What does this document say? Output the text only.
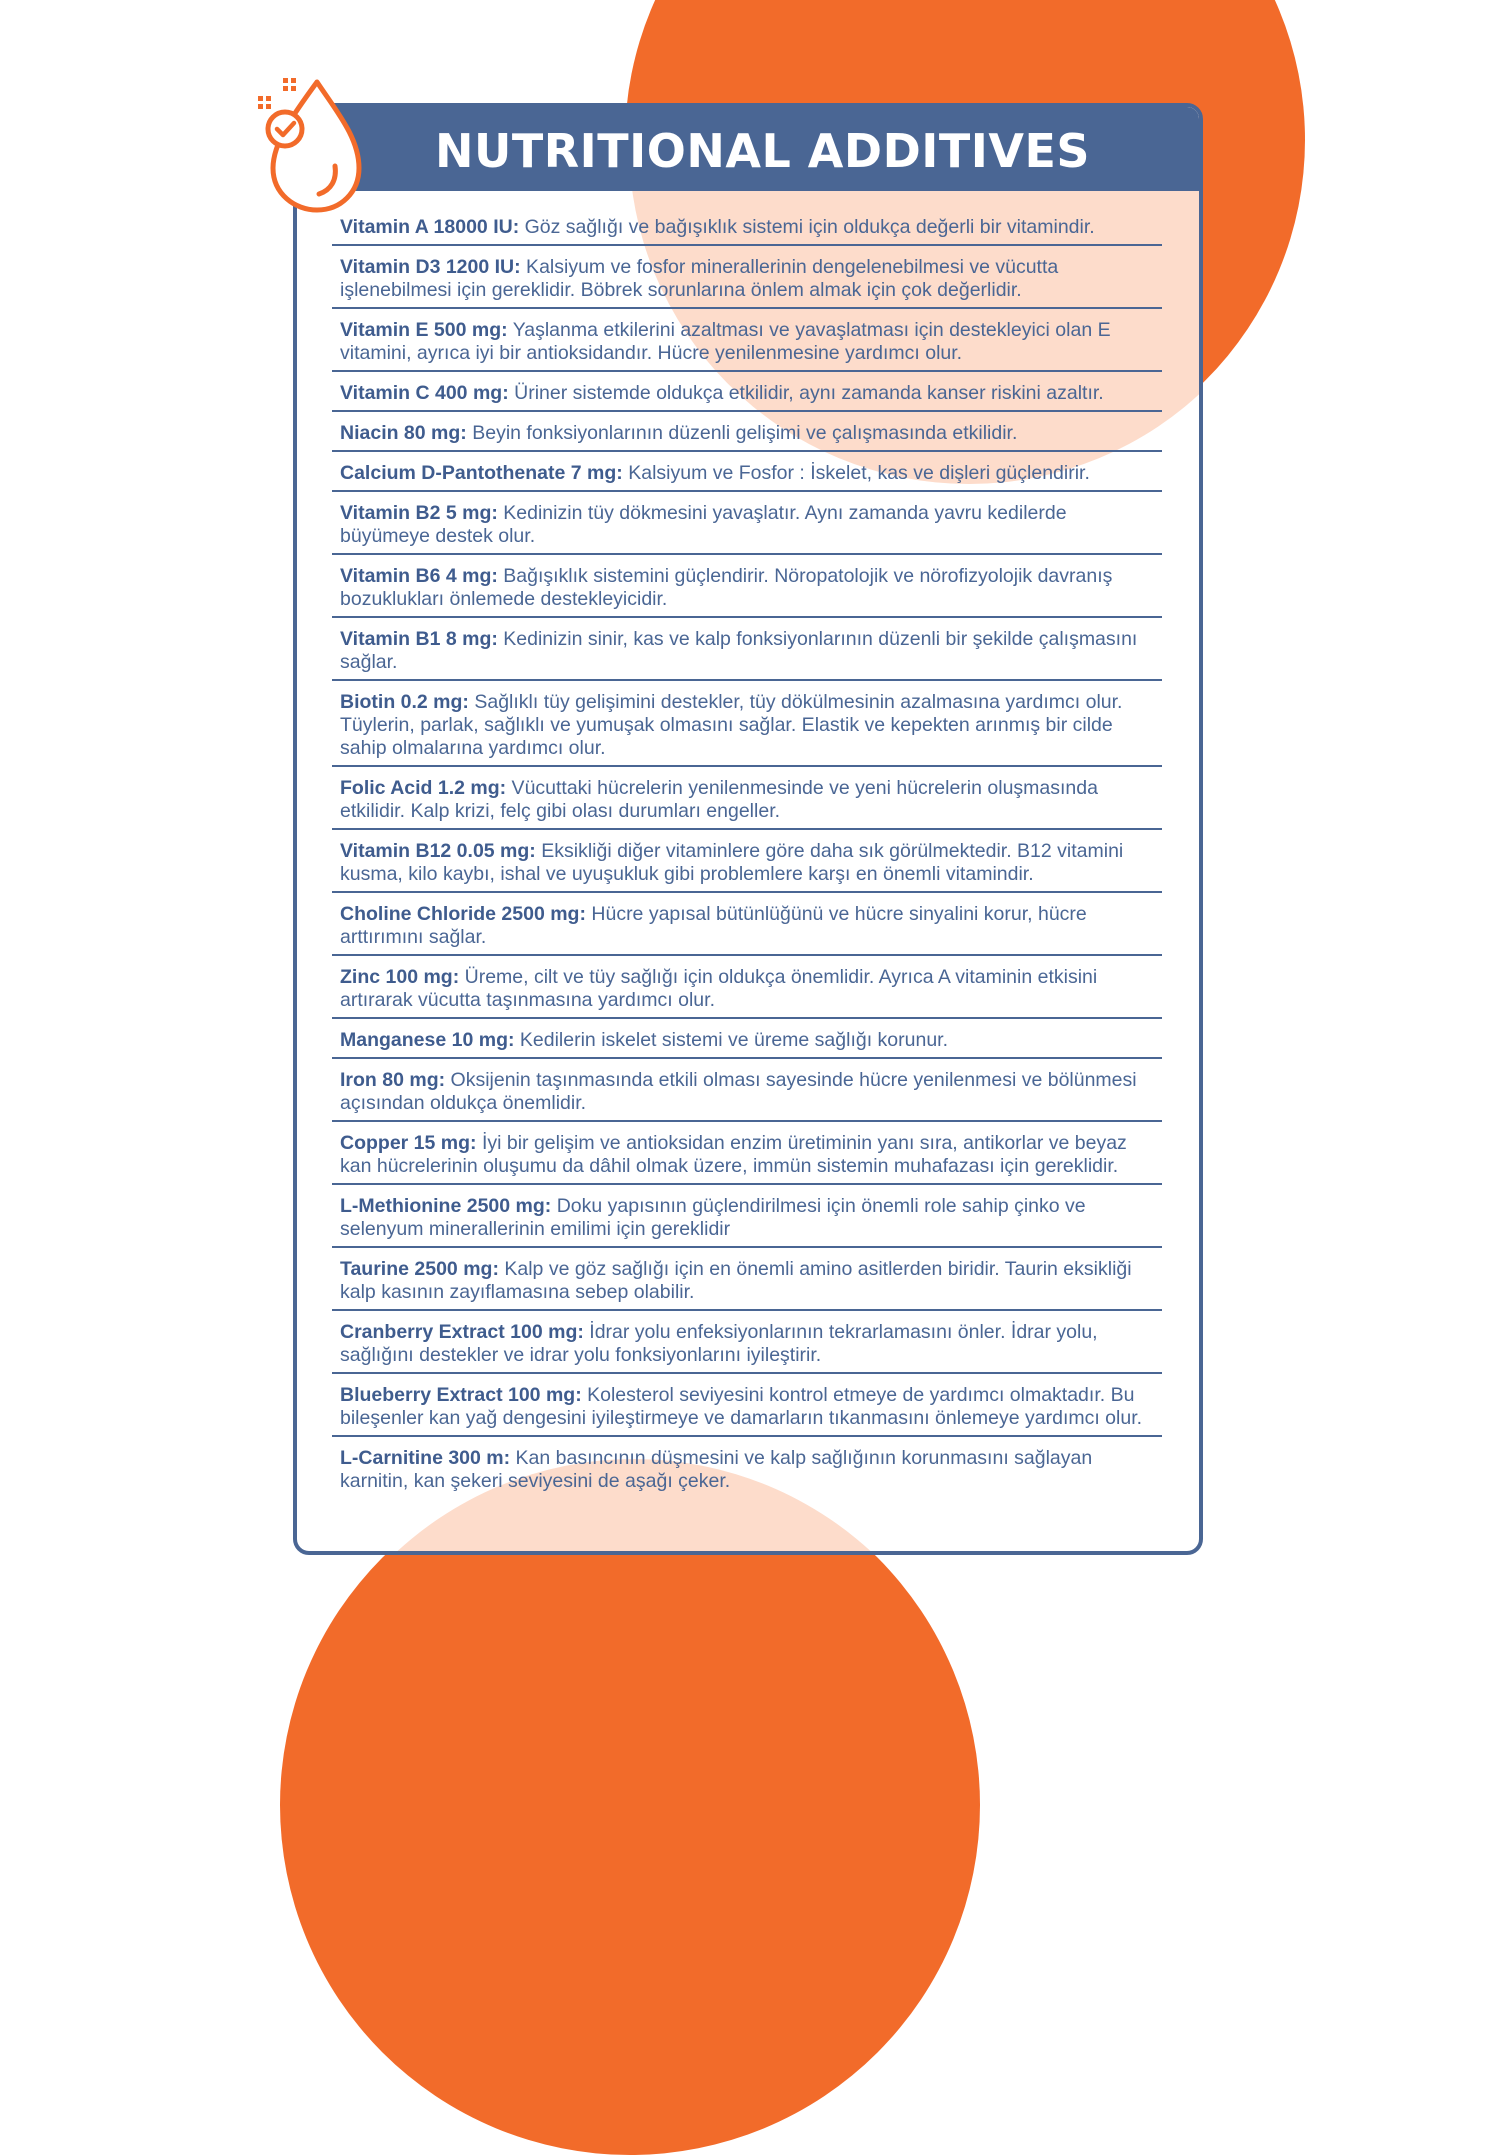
NUTRITIONAL ADDITIVES
Vitamin A 18000 IU: Göz sağlığı ve bağışıklık sistemi için oldukça değerli bir vitamindir.
Vitamin D3 1200 IU: Kalsiyum ve fosfor minerallerinin dengelenebilmesi ve vücutta işlenebilmesi için gereklidir. Böbrek sorunlarına önlem almak için çok değerlidir.
Vitamin E 500 mg: Yaşlanma etkilerini azaltması ve yavaşlatması için destekleyici olan E vitamini, ayrıca iyi bir antioksidandır. Hücre yenilenmesine yardımcı olur.
Vitamin C 400 mg: Üriner sistemde oldukça etkilidir, aynı zamanda kanser riskini azaltır.
Niacin 80 mg: Beyin fonksiyonlarının düzenli gelişimi ve çalışmasında etkilidir.
Calcium D-Pantothenate 7 mg: Kalsiyum ve Fosfor : İskelet, kas ve dişleri güçlendirir.
Vitamin B2 5 mg: Kedinizin tüy dökmesini yavaşlatır. Aynı zamanda yavru kedilerde büyümeye destek olur.
Vitamin B6 4 mg: Bağışıklık sistemini güçlendirir. Nöropatolojik ve nörofizyolojik davranış bozuklukları önlemede destekleyicidir.
Vitamin B1 8 mg: Kedinizin sinir, kas ve kalp fonksiyonlarının düzenli bir şekilde çalışmasını sağlar.
Biotin 0.2 mg: Sağlıklı tüy gelişimini destekler, tüy dökülmesinin azalmasına yardımcı olur. Tüylerin, parlak, sağlıklı ve yumuşak olmasını sağlar. Elastik ve kepekten arınmış bir cilde sahip olmalarına yardımcı olur.
Folic Acid 1.2 mg: Vücuttaki hücrelerin yenilenmesinde ve yeni hücrelerin oluşmasında etkilidir. Kalp krizi, felç gibi olası durumları engeller.
Vitamin B12 0.05 mg: Eksikliği diğer vitaminlere göre daha sık görülmektedir. B12 vitamini kusma, kilo kaybı, ishal ve uyuşukluk gibi problemlere karşı en önemli vitamindir.
Choline Chloride 2500 mg: Hücre yapısal bütünlüğünü ve hücre sinyalini korur, hücre arttırımını sağlar.
Zinc 100 mg: Üreme, cilt ve tüy sağlığı için oldukça önemlidir. Ayrıca A vitaminin etkisini artırarak vücutta taşınmasına yardımcı olur.
Manganese 10 mg: Kedilerin iskelet sistemi ve üreme sağlığı korunur.
Iron 80 mg: Oksijenin taşınmasında etkili olması sayesinde hücre yenilenmesi ve bölünmesi açısından oldukça önemlidir.
Copper 15 mg: İyi bir gelişim ve antioksidan enzim üretiminin yanı sıra, antikorlar ve beyaz kan hücrelerinin oluşumu da dâhil olmak üzere, immün sistemin muhafazası için gereklidir.
L-Methionine 2500 mg: Doku yapısının güçlendirilmesi için önemli role sahip çinko ve selenyum minerallerinin emilimi için gereklidir
Taurine 2500 mg: Kalp ve göz sağlığı için en önemli amino asitlerden biridir. Taurin eksikliği kalp kasının zayıflamasına sebep olabilir.
Cranberry Extract 100 mg: İdrar yolu enfeksiyonlarının tekrarlamasını önler. İdrar yolu, sağlığını destekler ve idrar yolu fonksiyonlarını iyileştirir.
Blueberry Extract 100 mg: Kolesterol seviyesini kontrol etmeye de yardımcı olmaktadır. Bu bileşenler kan yağ dengesini iyileştirmeye ve damarların tıkanmasını önlemeye yardımcı olur.
L-Carnitine 300 m: Kan basıncının düşmesini ve kalp sağlığının korunmasını sağlayan karnitin, kan şekeri seviyesini de aşağı çeker.
